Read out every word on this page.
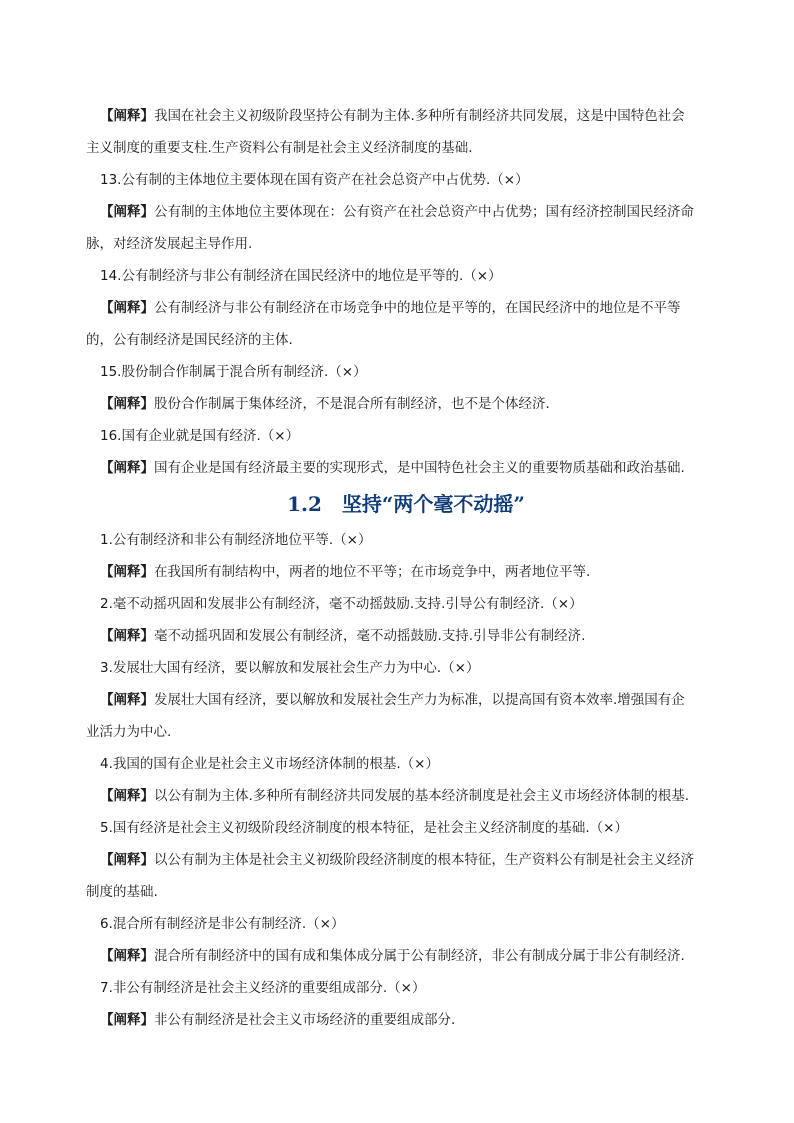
【阐释】我国在社会主义初级阶段坚持公有制为主体.多种所有制经济共同发展，这是中国特色社会

主义制度的重要支柱.生产资料公有制是社会主义经济制度的基础.

13.公有制的主体地位主要体现在国有资产在社会总资产中占优势.（×）

【阐释】公有制的主体地位主要体现在：公有资产在社会总资产中占优势；国有经济控制国民经济命

脉，对经济发展起主导作用.

14.公有制经济与非公有制经济在国民经济中的地位是平等的.（×）

【阐释】公有制经济与非公有制经济在市场竞争中的地位是平等的，在国民经济中的地位是不平等

的，公有制经济是国民经济的主体.

15.股份制合作制属于混合所有制经济.（×）

【阐释】股份合作制属于集体经济，不是混合所有制经济，也不是个体经济.

16.国有企业就是国有经济.（×）

【阐释】国有企业是国有经济最主要的实现形式，是中国特色社会主义的重要物质基础和政治基础.

1.2　坚持“两个毫不动摇”

1.公有制经济和非公有制经济地位平等.（×）

【阐释】在我国所有制结构中，两者的地位不平等；在市场竞争中，两者地位平等.

2.毫不动摇巩固和发展非公有制经济，毫不动摇鼓励.支持.引导公有制经济.（×）

【阐释】毫不动摇巩固和发展公有制经济，毫不动摇鼓励.支持.引导非公有制经济.

3.发展壮大国有经济，要以解放和发展社会生产力为中心.（×）

【阐释】发展壮大国有经济，要以解放和发展社会生产力为标准，以提高国有资本效率.增强国有企

业活力为中心.

4.我国的国有企业是社会主义市场经济体制的根基.（×）

【阐释】以公有制为主体.多种所有制经济共同发展的基本经济制度是社会主义市场经济体制的根基.

5.国有经济是社会主义初级阶段经济制度的根本特征，是社会主义经济制度的基础.（×）

【阐释】以公有制为主体是社会主义初级阶段经济制度的根本特征，生产资料公有制是社会主义经济

制度的基础.

6.混合所有制经济是非公有制经济.（×）

【阐释】混合所有制经济中的国有成和集体成分属于公有制经济，非公有制成分属于非公有制经济.

7.非公有制经济是社会主义经济的重要组成部分.（×）

【阐释】非公有制经济是社会主义市场经济的重要组成部分.
